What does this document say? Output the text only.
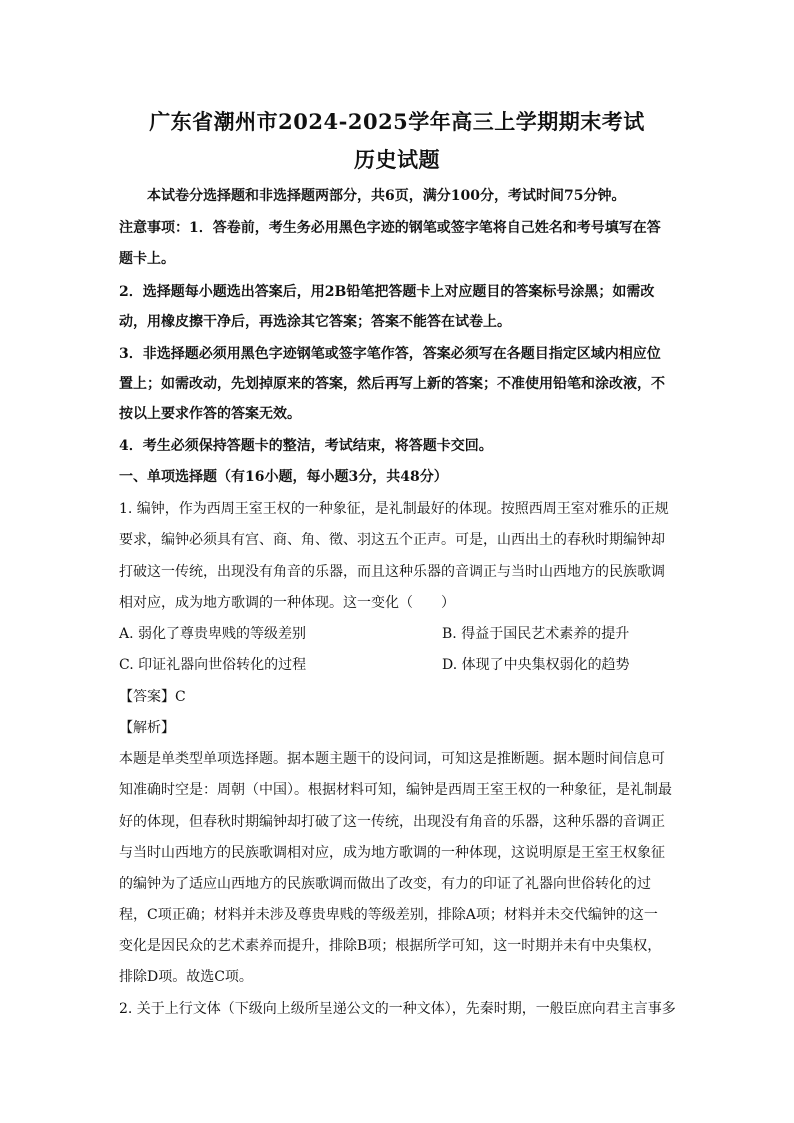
广东省潮州市2024-2025学年高三上学期期末考试
历史试题
本试卷分选择题和非选择题两部分，共6页，满分100分，考试时间75分钟。
注意事项：1．答卷前，考生务必用黑色字迹的钢笔或签字笔将自己姓名和考号填写在答
题卡上。
2．选择题每小题选出答案后，用2B铅笔把答题卡上对应题目的答案标号涂黑；如需改
动，用橡皮擦干净后，再选涂其它答案；答案不能答在试卷上。
3．非选择题必须用黑色字迹钢笔或签字笔作答，答案必须写在各题目指定区域内相应位
置上；如需改动，先划掉原来的答案，然后再写上新的答案；不准使用铅笔和涂改液，不
按以上要求作答的答案无效。
4．考生必须保持答题卡的整洁，考试结束，将答题卡交回。
一、单项选择题（有16小题，每小题3分，共48分）
1. 编钟，作为西周王室王权的一种象征，是礼制最好的体现。按照西周王室对雅乐的正规
要求，编钟必须具有宫、商、角、徵、羽这五个正声。可是，山西出土的春秋时期编钟却
打破这一传统，出现没有角音的乐器，而且这种乐器的音调正与当时山西地方的民族歌调
相对应，成为地方歌调的一种体现。这一变化（　　）
A. 弱化了尊贵卑贱的等级差别	B. 得益于国民艺术素养的提升
C. 印证礼器向世俗转化的过程	D. 体现了中央集权弱化的趋势
【答案】C
【解析】
本题是单类型单项选择题。据本题主题干的设问词，可知这是推断题。据本题时间信息可
知准确时空是：周朝（中国）。根据材料可知，编钟是西周王室王权的一种象征，是礼制最
好的体现，但春秋时期编钟却打破了这一传统，出现没有角音的乐器，这种乐器的音调正
与当时山西地方的民族歌调相对应，成为地方歌调的一种体现，这说明原是王室王权象征
的编钟为了适应山西地方的民族歌调而做出了改变，有力的印证了礼器向世俗转化的过
程，C项正确；材料并未涉及尊贵卑贱的等级差别，排除A项；材料并未交代编钟的这一
变化是因民众的艺术素养而提升，排除B项；根据所学可知，这一时期并未有中央集权，
排除D项。故选C项。
2. 关于上行文体（下级向上级所呈递公文的一种文体），先秦时期，一般臣庶向君主言事多
